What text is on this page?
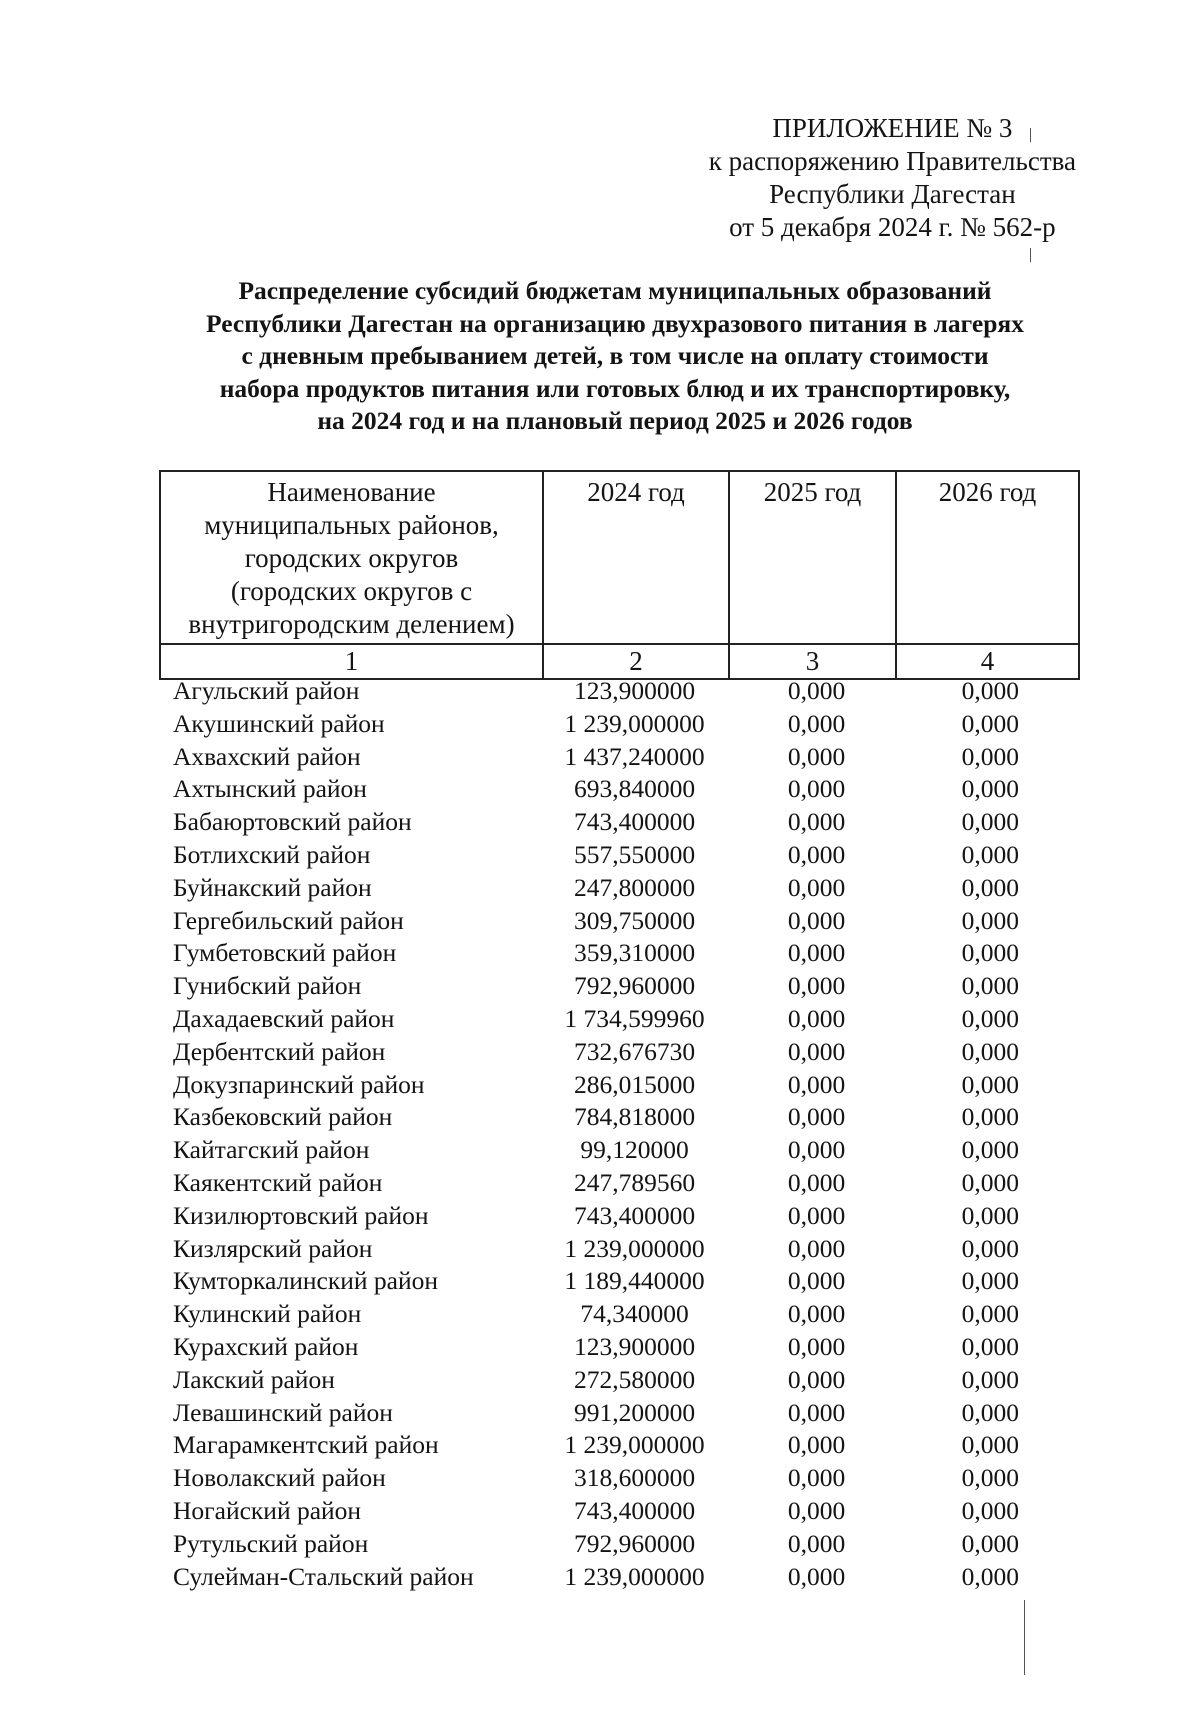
ПРИЛОЖЕНИЕ № 3
к распоряжению Правительства
Республики Дагестан
от 5 декабря 2024 г. № 562-р
Распределение субсидий бюджетам муниципальных образований
Республики Дагестан на организацию двухразового питания в лагерях
с дневным пребыванием детей, в том числе на оплату стоимости
набора продуктов питания или готовых блюд и их транспортировку,
на 2024 год и на плановый период 2025 и 2026 годов
Наименование
муниципальных районов,
городских округов
(городских округов с
внутригородским делением)	2024 год	2025 год	2026 год
1	2	3	4
Агульский район	123,900000	0,000	0,000
Акушинский район	1 239,000000	0,000	0,000
Ахвахский район	1 437,240000	0,000	0,000
Ахтынский район	693,840000	0,000	0,000
Бабаюртовский район	743,400000	0,000	0,000
Ботлихский район	557,550000	0,000	0,000
Буйнакский район	247,800000	0,000	0,000
Гергебильский район	309,750000	0,000	0,000
Гумбетовский район	359,310000	0,000	0,000
Гунибский район	792,960000	0,000	0,000
Дахадаевский район	1 734,599960	0,000	0,000
Дербентский район	732,676730	0,000	0,000
Докузпаринский район	286,015000	0,000	0,000
Казбековский район	784,818000	0,000	0,000
Кайтагский район	99,120000	0,000	0,000
Каякентский район	247,789560	0,000	0,000
Кизилюртовский район	743,400000	0,000	0,000
Кизлярский район	1 239,000000	0,000	0,000
Кумторкалинский район	1 189,440000	0,000	0,000
Кулинский район	74,340000	0,000	0,000
Курахский район	123,900000	0,000	0,000
Лакский район	272,580000	0,000	0,000
Левашинский район	991,200000	0,000	0,000
Магарамкентский район	1 239,000000	0,000	0,000
Новолакский район	318,600000	0,000	0,000
Ногайский район	743,400000	0,000	0,000
Рутульский район	792,960000	0,000	0,000
Сулейман-Стальский район	1 239,000000	0,000	0,000
